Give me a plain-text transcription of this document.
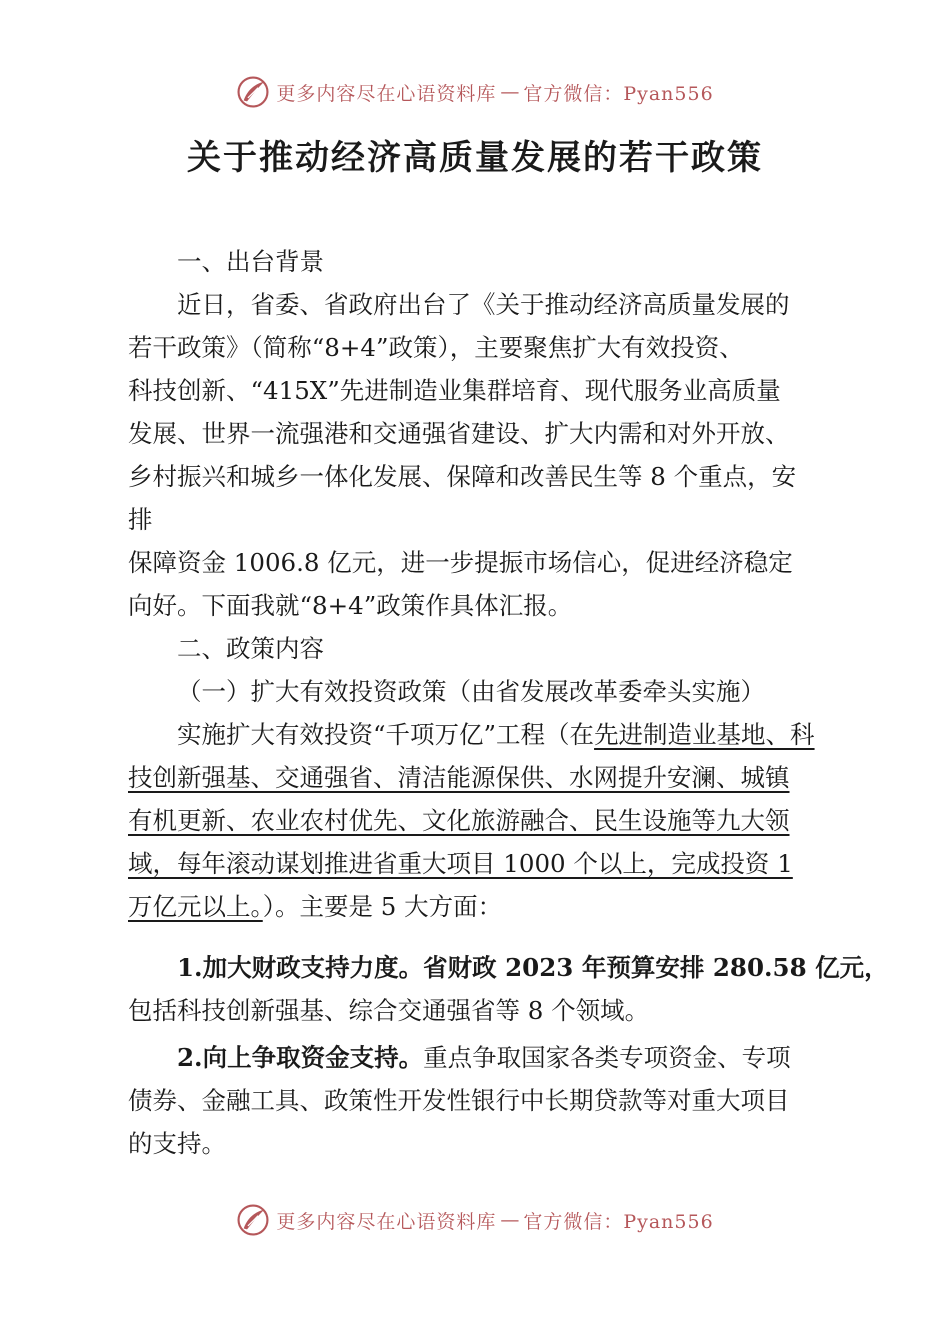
更多内容尽在心语资料库 — 官方微信：Pyan556
关于推动经济高质量发展的若干政策

一、出台背景

近日，省委、省政府出台了《关于推动经济高质量发展的

若干政策》（简称“8+4”政策），主要聚焦扩大有效投资、

科技创新、“415X”先进制造业集群培育、现代服务业高质量

发展、世界一流强港和交通强省建设、扩大内需和对外开放、

乡村振兴和城乡一体化发展、保障和改善民生等 8 个重点，安

排

保障资金 1006.8 亿元，进一步提振市场信心，促进经济稳定

向好。下面我就“8+4”政策作具体汇报。

二、政策内容

（一）扩大有效投资政策（由省发展改革委牵头实施）

实施扩大有效投资“千项万亿”工程（在先进制造业基地、科

技创新强基、交通强省、清洁能源保供、水网提升安澜、城镇

有机更新、农业农村优先、文化旅游融合、民生设施等九大领

域，每年滚动谋划推进省重大项目 1000 个以上，完成投资 1

万亿元以上。）。主要是 5 大方面：

1.加大财政支持力度。省财政 2023 年预算安排 280.58 亿元，

包括科技创新强基、综合交通强省等 8 个领域。

2.向上争取资金支持。重点争取国家各类专项资金、专项

债券、金融工具、政策性开发性银行中长期贷款等对重大项目

的支持。

更多内容尽在心语资料库 — 官方微信：Pyan556
